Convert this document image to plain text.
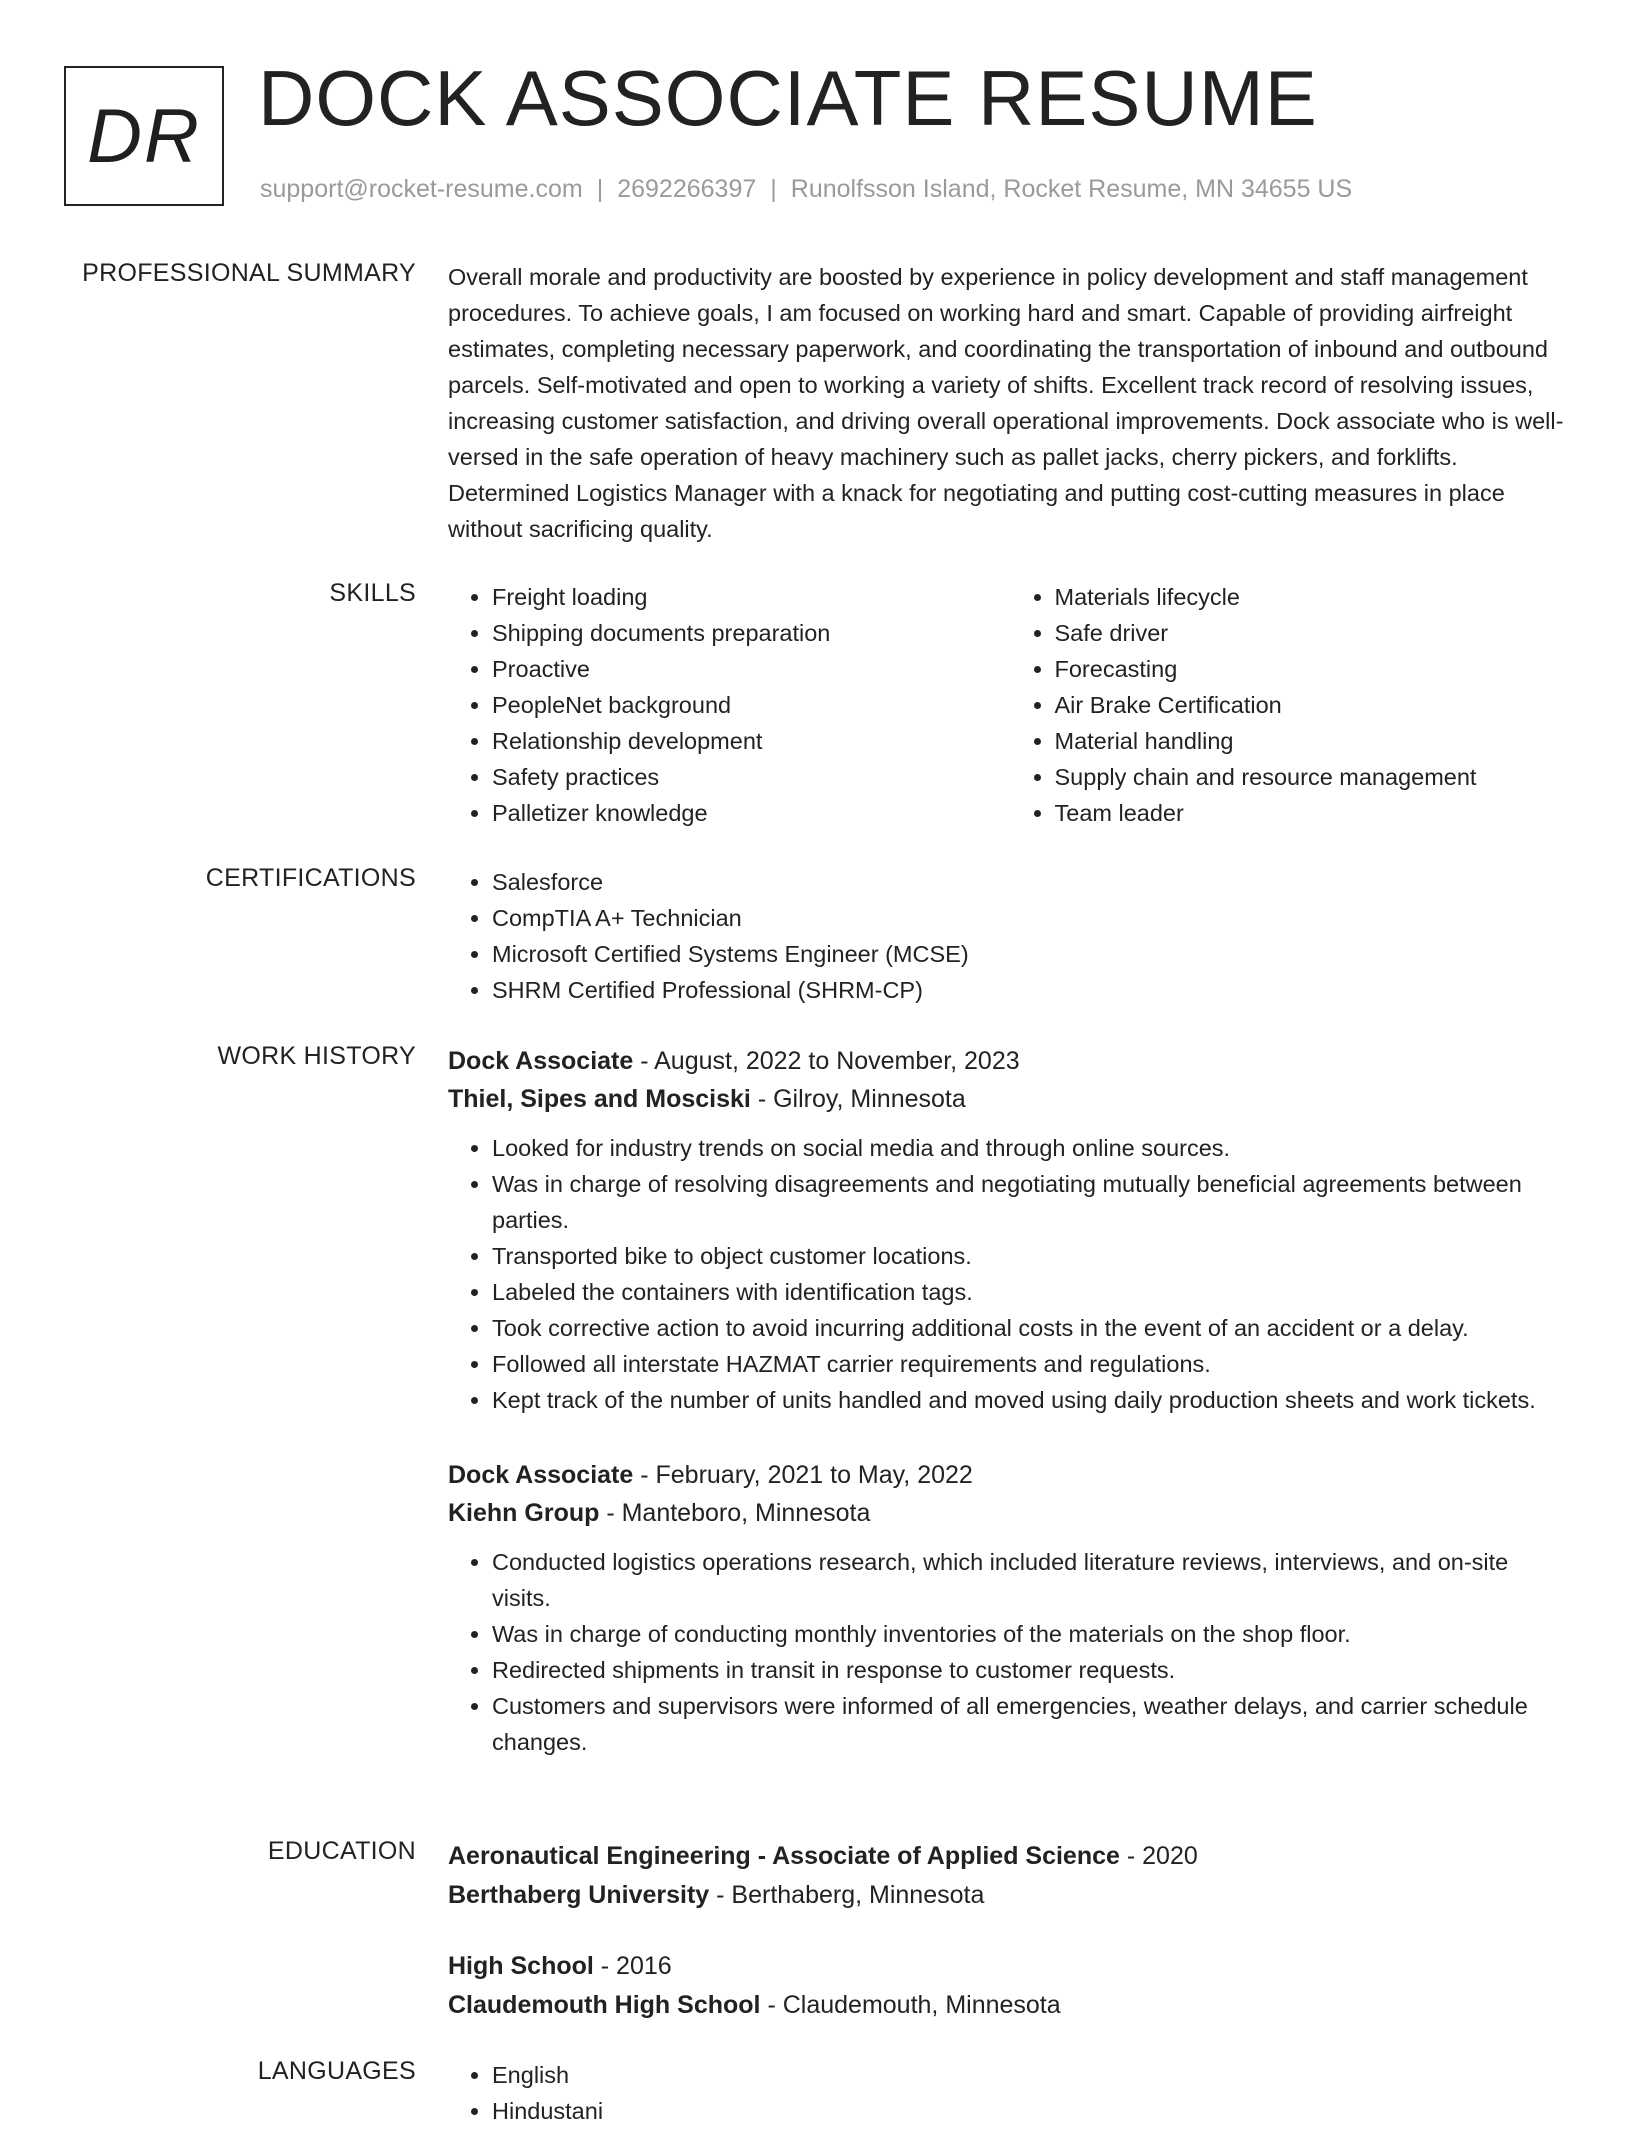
DR DOCK ASSOCIATE RESUME
support@rocket-resume.com | 2692266397 | Runolfsson Island, Rocket Resume, MN 34655 US
PROFESSIONAL SUMMARY Overall morale and productivity are boosted by experience in policy development and staff management procedures. To achieve goals, I am focused on working hard and smart. Capable of providing airfreight estimates, completing necessary paperwork, and coordinating the transportation of inbound and outbound parcels. Self-motivated and open to working a variety of shifts. Excellent track record of resolving issues, increasing customer satisfaction, and driving overall operational improvements. Dock associate who is well-versed in the safe operation of heavy machinery such as pallet jacks, cherry pickers, and forklifts. Determined Logistics Manager with a knack for negotiating and putting cost-cutting measures in place without sacrificing quality.
SKILLS	• Freight loading
• Shipping documents preparation
• Proactive
• PeopleNet background
• Relationship development
• Safety practices
• Palletizer knowledge
• Materials lifecycle
• Safe driver
• Forecasting
• Air Brake Certification
• Material handling
• Supply chain and resource management
• Team leader
CERTIFICATIONS	• Salesforce
• CompTIA A+ Technician
• Microsoft Certified Systems Engineer (MCSE)
• SHRM Certified Professional (SHRM-CP)
WORK HISTORY Dock Associate - August, 2022 to November, 2023
Thiel, Sipes and Mosciski - Gilroy, Minnesota
• Looked for industry trends on social media and through online sources.
• Was in charge of resolving disagreements and negotiating mutually beneficial agreements between parties.
• Transported bike to object customer locations.
• Labeled the containers with identification tags.
• Took corrective action to avoid incurring additional costs in the event of an accident or a delay.
• Followed all interstate HAZMAT carrier requirements and regulations.
• Kept track of the number of units handled and moved using daily production sheets and work tickets.
Dock Associate - February, 2021 to May, 2022
Kiehn Group - Manteboro, Minnesota
• Conducted logistics operations research, which included literature reviews, interviews, and on-site visits.
• Was in charge of conducting monthly inventories of the materials on the shop floor.
• Redirected shipments in transit in response to customer requests.
• Customers and supervisors were informed of all emergencies, weather delays, and carrier schedule changes.
EDUCATION Aeronautical Engineering - Associate of Applied Science - 2020
Berthaberg University - Berthaberg, Minnesota
High School - 2016
Claudemouth High School - Claudemouth, Minnesota
LANGUAGES	• English
• Hindustani
